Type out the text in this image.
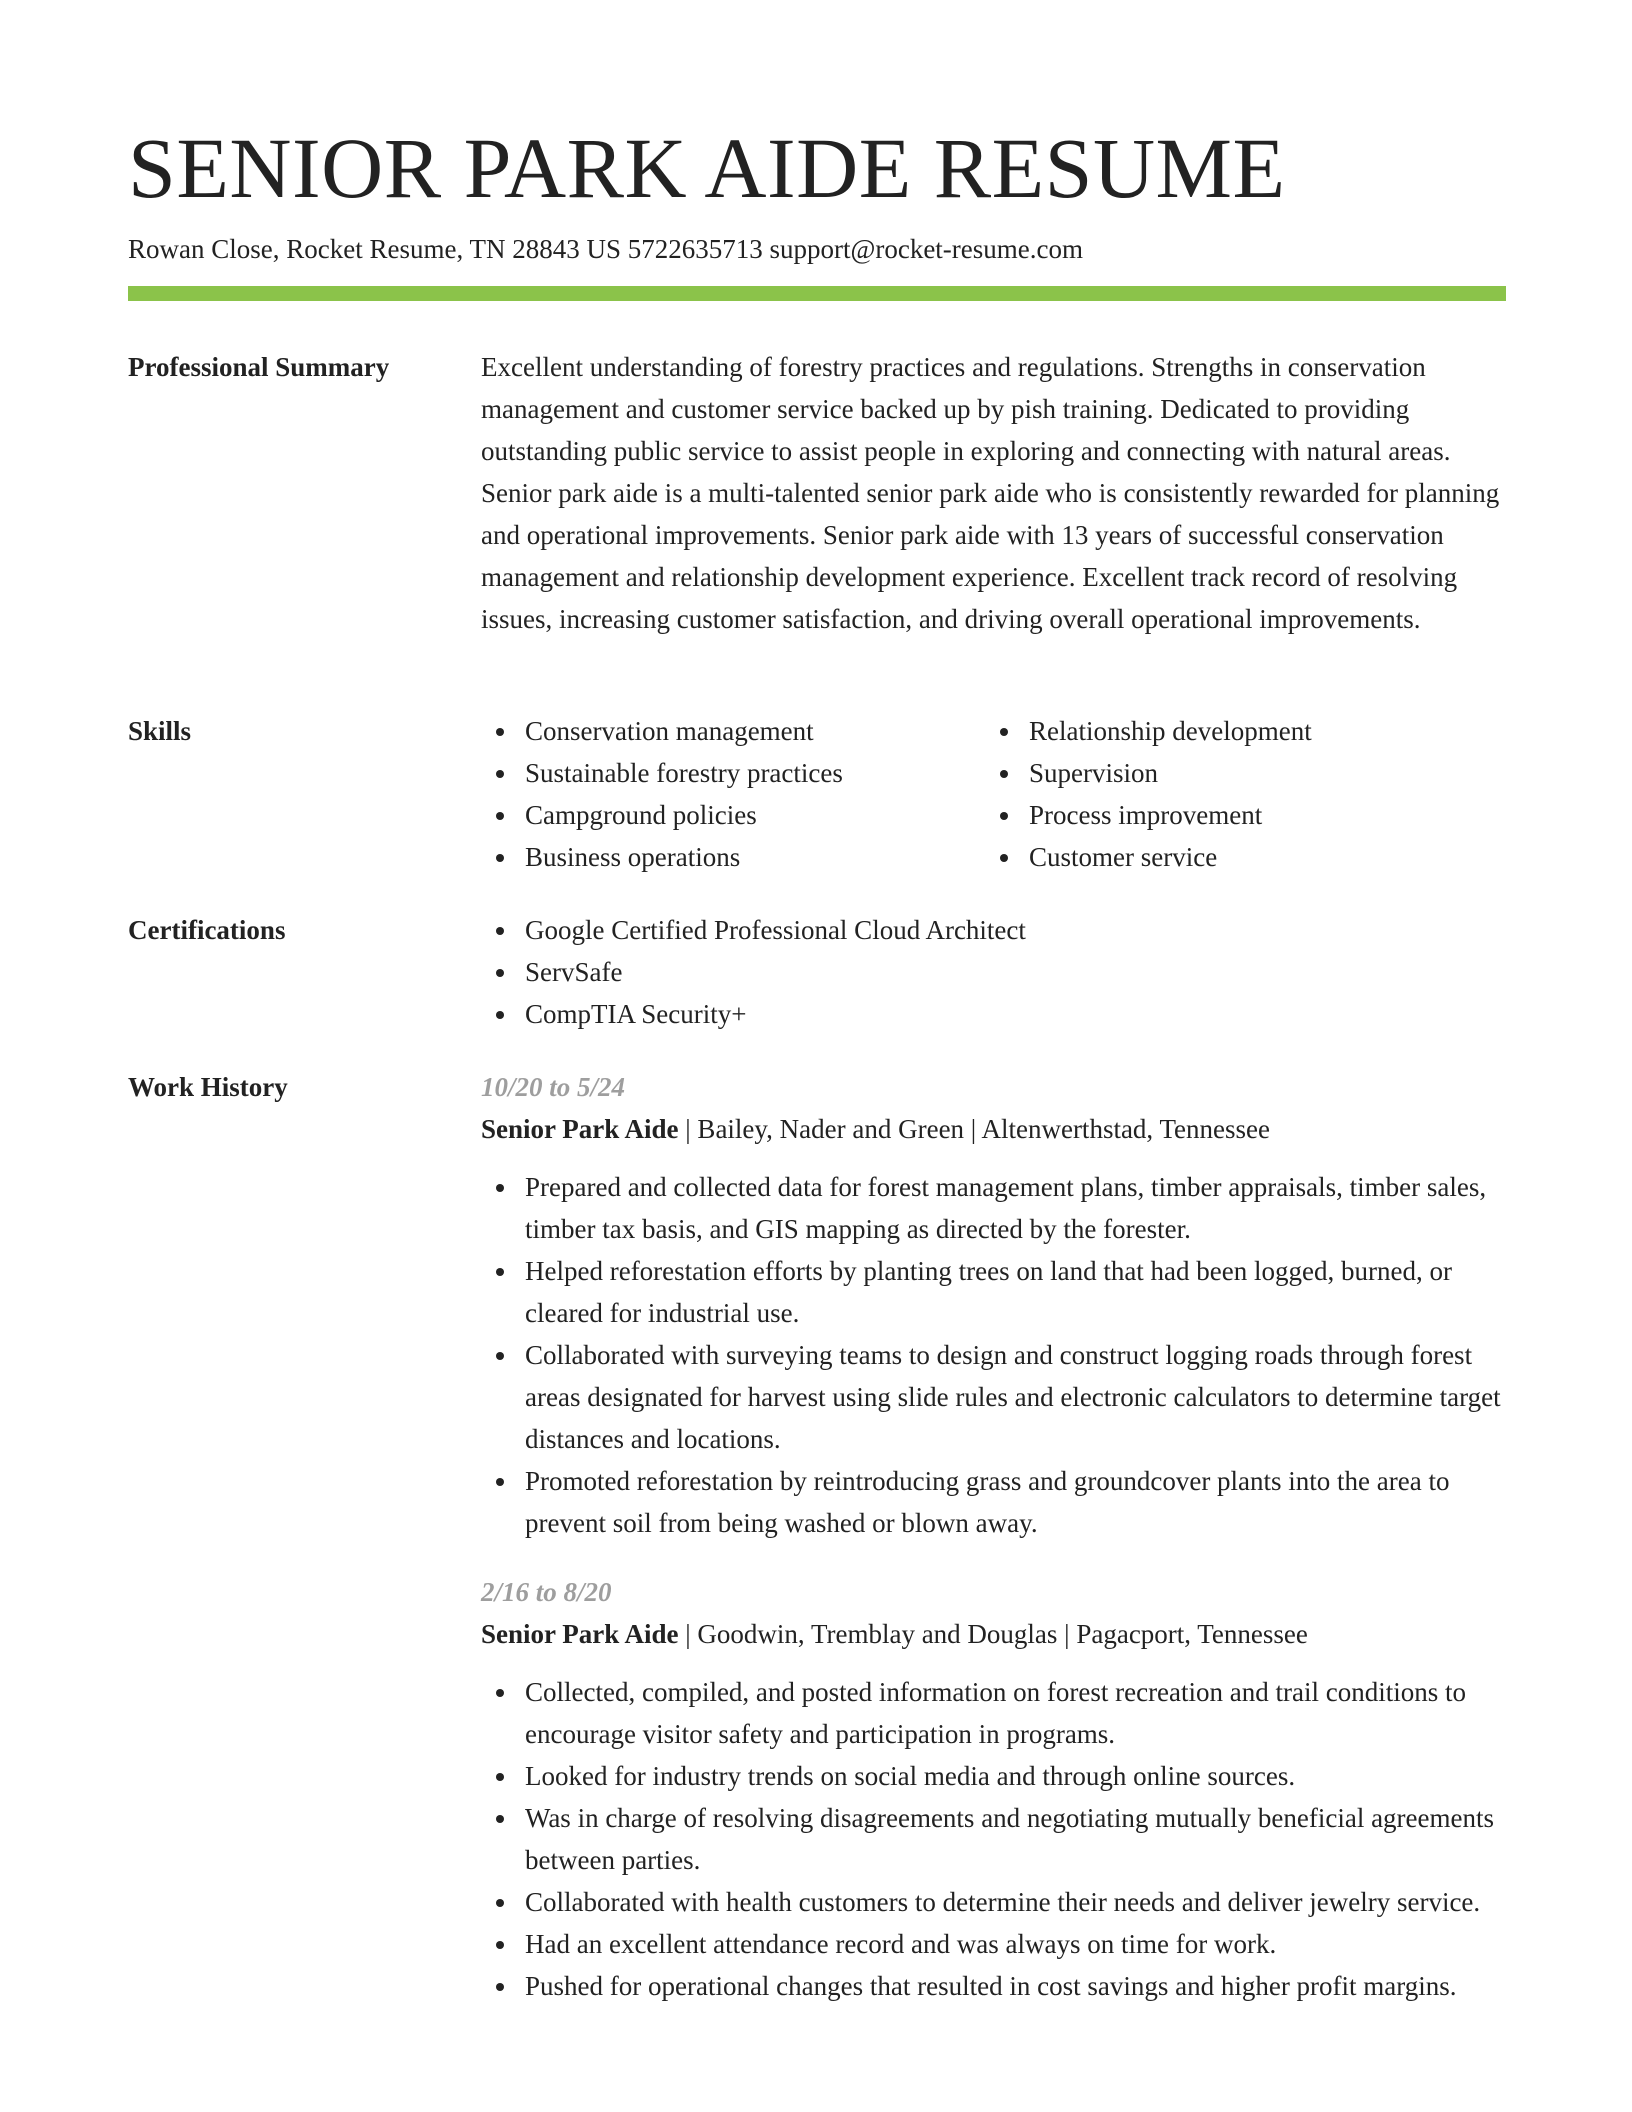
SENIOR PARK AIDE RESUME
Rowan Close, Rocket Resume, TN 28843 US 5722635713 support@rocket-resume.com
Professional Summary	Excellent understanding of forestry practices and regulations. Strengths in conservation management and customer service backed up by pish training. Dedicated to providing outstanding public service to assist people in exploring and connecting with natural areas. Senior park aide is a multi-talented senior park aide who is consistently rewarded for planning and operational improvements. Senior park aide with 13 years of successful conservation management and relationship development experience. Excellent track record of resolving issues, increasing customer satisfaction, and driving overall operational improvements.

Skills	Conservation management
Sustainable forestry practices
Campground policies
Business operations
Relationship development
Supervision
Process improvement
Customer service
Certifications	Google Certified Professional Cloud Architect
ServSafe
CompTIA Security+
Work History	10/20 to 5/24
Senior Park Aide | Bailey, Nader and Green | Altenwerthstad, Tennessee
Prepared and collected data for forest management plans, timber appraisals, timber sales, timber tax basis, and GIS mapping as directed by the forester.
Helped reforestation efforts by planting trees on land that had been logged, burned, or cleared for industrial use.
Collaborated with surveying teams to design and construct logging roads through forest areas designated for harvest using slide rules and electronic calculators to determine target distances and locations.
Promoted reforestation by reintroducing grass and groundcover plants into the area to prevent soil from being washed or blown away.
2/16 to 8/20
Senior Park Aide | Goodwin, Tremblay and Douglas | Pagacport, Tennessee
Collected, compiled, and posted information on forest recreation and trail conditions to encourage visitor safety and participation in programs.
Looked for industry trends on social media and through online sources.
Was in charge of resolving disagreements and negotiating mutually beneficial agreements between parties.
Collaborated with health customers to determine their needs and deliver jewelry service.
Had an excellent attendance record and was always on time for work.
Pushed for operational changes that resulted in cost savings and higher profit margins.
